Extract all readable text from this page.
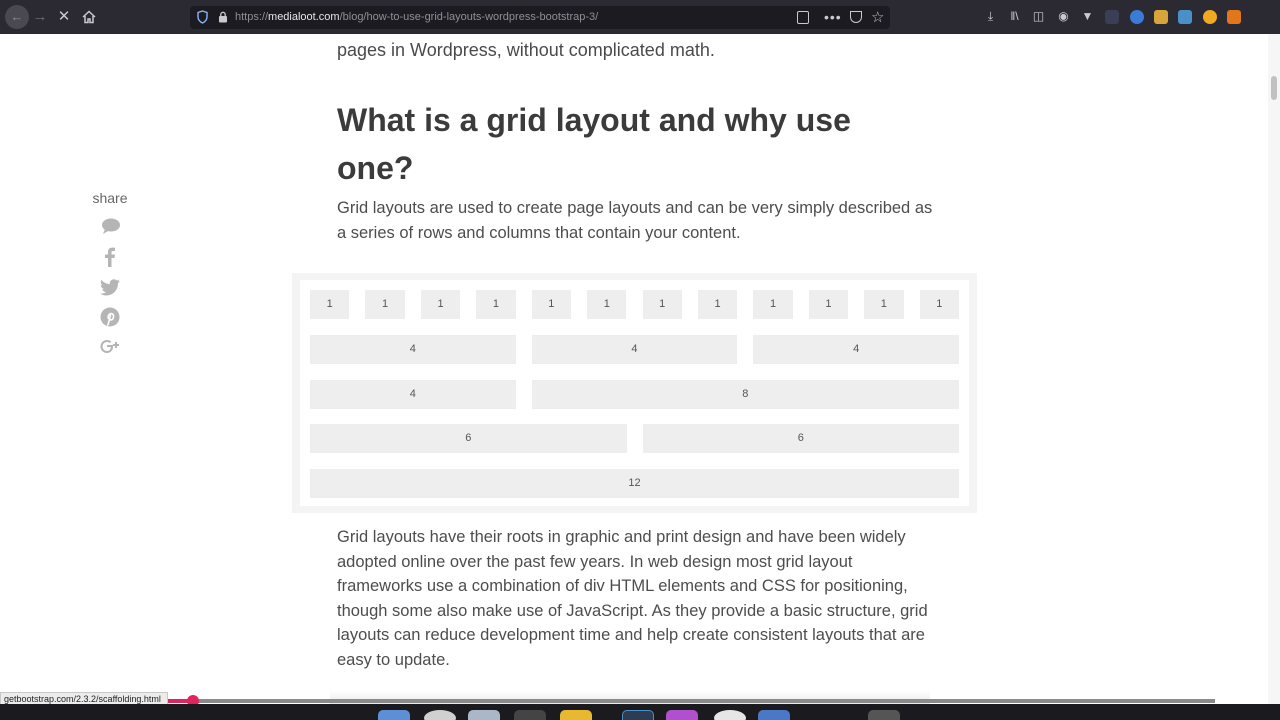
← → ✕	https://medialoot.com/blog/how-to-use-grid-layouts-wordpress-bootstrap-3/	••• ☆	⤓	‖\ ◫ ◉ ▼
pages in Wordpress, without complicated math.
What is a grid layout and why use one?

Grid layouts are used to create page layouts and can be very simply described as a series of rows and columns that contain your content.

share
1	1	1	1	1	1	1	1	1	1	1	1
4	4	4
4	8
6	6
12

Grid layouts have their roots in graphic and print design and have been widely adopted online over the past few years. In web design most grid layout frameworks use a combination of div HTML elements and CSS for positioning, though some also make use of JavaScript. As they provide a basic structure, grid layouts can reduce development time and help create consistent layouts that are easy to update.

getbootstrap.com/2.3.2/scaffolding.html
